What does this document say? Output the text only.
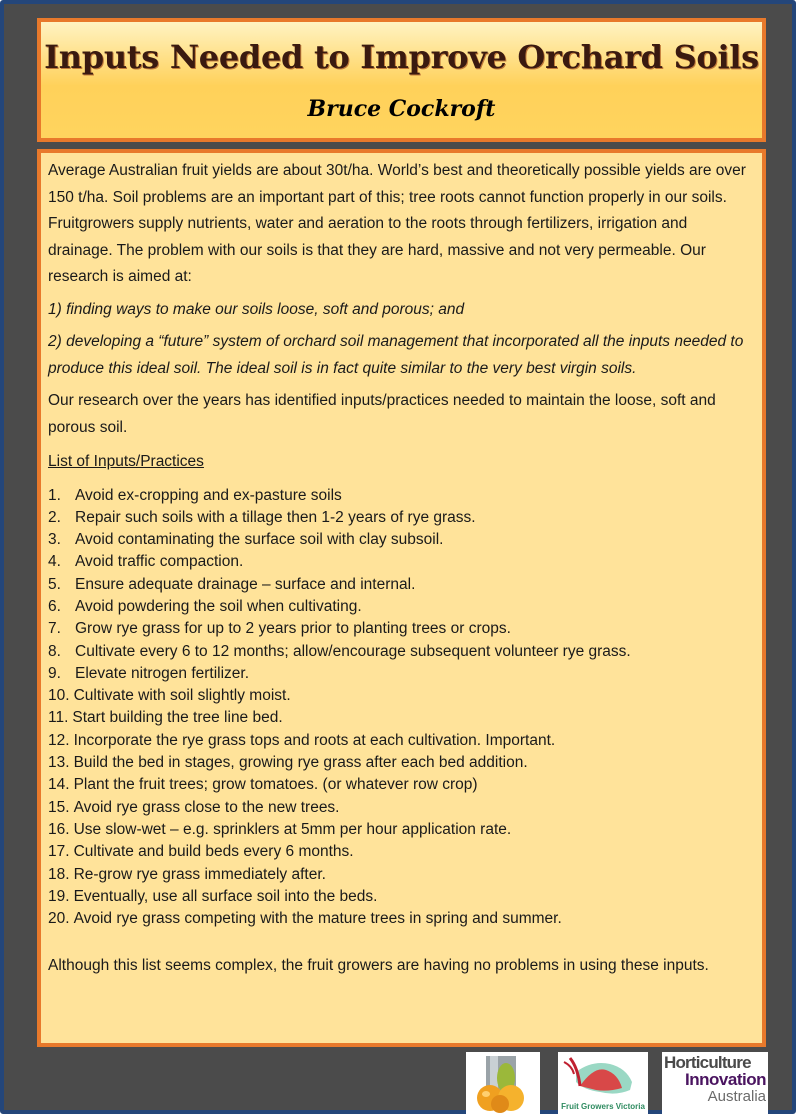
Inputs Needed to Improve Orchard Soils
Bruce Cockroft

Average Australian fruit yields are about 30t/ha. World’s best and theoretically possible yields are over 150 t/ha. Soil problems are an important part of this; tree roots cannot function properly in our soils. Fruitgrowers supply nutrients, water and aeration to the roots through fertilizers, irrigation and drainage. The problem with our soils is that they are hard, massive and not very permeable. Our research is aimed at:

1) finding ways to make our soils loose, soft and porous; and

2) developing a “future” system of orchard soil management that incorporated all the inputs needed to produce this ideal soil. The ideal soil is in fact quite similar to the very best virgin soils.

Our research over the years has identified inputs/practices needed to maintain the loose, soft and porous soil.

List of Inputs/Practices

1. Avoid ex-cropping and ex-pasture soils
2. Repair such soils with a tillage then 1-2 years of rye grass.
3. Avoid contaminating the surface soil with clay subsoil.
4. Avoid traffic compaction.
5. Ensure adequate drainage – surface and internal.
6. Avoid powdering the soil when cultivating.
7. Grow rye grass for up to 2 years prior to planting trees or crops.
8. Cultivate every 6 to 12 months; allow/encourage subsequent volunteer rye grass.
9. Elevate nitrogen fertilizer.
10. Cultivate with soil slightly moist.
11. Start building the tree line bed.
12. Incorporate the rye grass tops and roots at each cultivation. Important.
13. Build the bed in stages, growing rye grass after each bed addition.
14. Plant the fruit trees; grow tomatoes. (or whatever row crop)
15. Avoid rye grass close to the new trees.
16. Use slow-wet – e.g. sprinklers at 5mm per hour application rate.
17. Cultivate and build beds every 6 months.
18. Re-grow rye grass immediately after.
19. Eventually, use all surface soil into the beds.
20. Avoid rye grass competing with the mature trees in spring and summer.

Although this list seems complex, the fruit growers are having no problems in using these inputs.

Fruit Growers Victoria
Horticulture
Innovation
Australia
